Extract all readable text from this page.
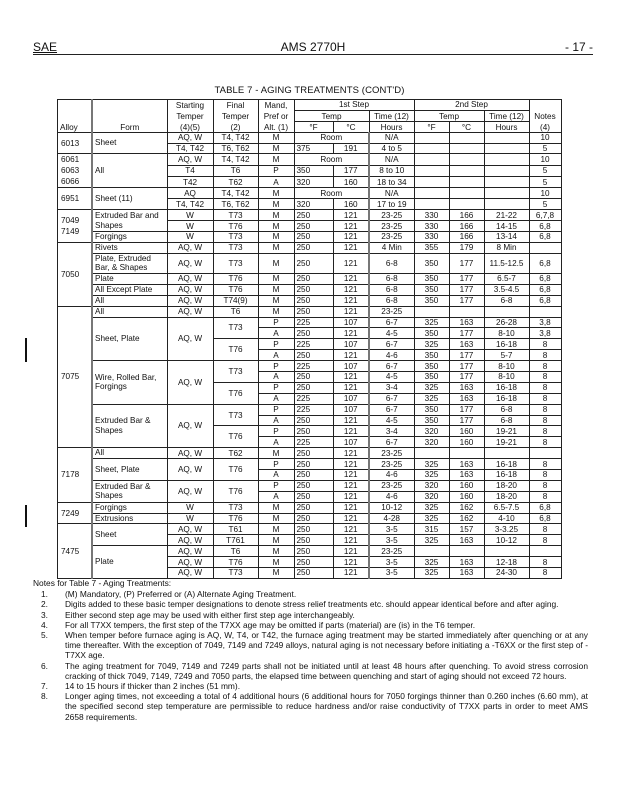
SAE	AMS 2770H	- 17 -
TABLE 7 - AGING TREATMENTS (CONT'D)
Alloy	Form	Starting	Final	Mand,	1st Step			2nd Step			Notes
		Temper	Temper	Pref or	Temp		Time (12)	Temp		Time (12)	
		(4)(5)	(2)	Alt. (1)	°F	°C	Hours	°F	°C	Hours	(4)
6013	Sheet	AQ, W	T4, T42	M	Room		N/A				10
		T4, T42	T6, T62	M	375	191	4 to 5				5
6061 6063 6066	All	AQ, W	T4, T42	M	Room		N/A				10
		T4	T6	P	350	177	8 to 10				5
		T42	T62	A	320	160	18 to 34				5
6951	Sheet (11)	AQ	T4, T42	M	Room		N/A				10
		T4, T42	T6, T62	M	320	160	17 to 19				5
7049 7149	Extruded Bar and Shapes	W	T73	M	250	121	23-25	330	166	21-22	6,7,8
		W	T76	M	250	121	23-25	330	166	14-15	6,8
	Forgings	W	T73	M	250	121	23-25	330	166	13-14	6,8
7050	Rivets	AQ, W	T73	M	250	121	4 Min	355	179	8 Min	
	Plate, Extruded Bar, & Shapes	AQ, W	T73	M	250	121	6-8	350	177	11.5-12.5	6,8
	Plate	AQ, W	T76	M	250	121	6-8	350	177	6.5-7	6,8
	All Except Plate	AQ, W	T76	M	250	121	6-8	350	177	3.5-4.5	6,8
	All	AQ, W	T74(9)	M	250	121	6-8	350	177	6-8	6,8
7075	All	AQ, W	T6	M	250	121	23-25				
	Sheet, Plate	AQ, W	T73	P	225	107	6-7	325	163	26-28	3,8
				A	250	121	4-5	350	177	8-10	3,8
			T76	P	225	107	6-7	325	163	16-18	8
				A	250	121	4-6	350	177	5-7	8
	Wire, Rolled Bar, Forgings	AQ, W	T73	P	225	107	6-7	350	177	8-10	8
				A	250	121	4-5	350	177	8-10	8
			T76	P	250	121	3-4	325	163	16-18	8
				A	225	107	6-7	325	163	16-18	8
	Extruded Bar & Shapes	AQ, W	T73	P	225	107	6-7	350	177	6-8	8
				A	250	121	4-5	350	177	6-8	8
			T76	P	250	121	3-4	320	160	19-21	8
				A	225	107	6-7	320	160	19-21	8
7178	All	AQ, W	T62	M	250	121	23-25				
	Sheet, Plate	AQ, W	T76	P	250	121	23-25	325	163	16-18	8
				A	250	121	4-6	325	163	16-18	8
	Extruded Bar & Shapes	AQ, W	T76	P	250	121	23-25	320	160	18-20	8
				A	250	121	4-6	320	160	18-20	8
7249	Forgings	W	T73	M	250	121	10-12	325	162	6.5-7.5	6,8
	Extrusions	W	T76	M	250	121	4-28	325	162	4-10	6,8
7475	Sheet	AQ, W	T61	M	250	121	3-5	315	157	3-3.25	8
		AQ, W	T761	M	250	121	3-5	325	163	10-12	8
	Plate	AQ, W	T6	M	250	121	23-25				
		AQ, W	T76	M	250	121	3-5	325	163	12-18	8
		AQ, W	T73	M	250	121	3-5	325	163	24-30	8
Notes for Table 7 - Aging Treatments:
1. (M) Mandatory, (P) Preferred or (A) Alternate Aging Treatment.
2. Digits added to these basic temper designations to denote stress relief treatments etc. should appear identical before and after aging.
3. Either second step age may be used with either first step age interchangeably.
4. For all T7XX tempers, the first step of the T7XX age may be omitted if parts (material) are (is) in the T6 temper.
5. When temper before furnace aging is AQ, W, T4, or T42, the furnace aging treatment may be started immediately after quenching or at any time thereafter. With the exception of 7049, 7149 and 7249 alloys, natural aging is not necessary before initiating a -T6XX or the first step of -T7XX age.
6. The aging treatment for 7049, 7149 and 7249 parts shall not be initiated until at least 48 hours after quenching. To avoid stress corrosion cracking of thick 7049, 7149, 7249 and 7050 parts, the elapsed time between quenching and start of aging should not exceed 72 hours.
7. 14 to 15 hours if thicker than 2 inches (51 mm).
8. Longer aging times, not exceeding a total of 4 additional hours (6 additional hours for 7050 forgings thinner than 0.260 inches (6.60 mm), at the specified second step temperature are permissible to reduce hardness and/or raise conductivity of T7XX parts in order to meet AMS 2658 requirements.
